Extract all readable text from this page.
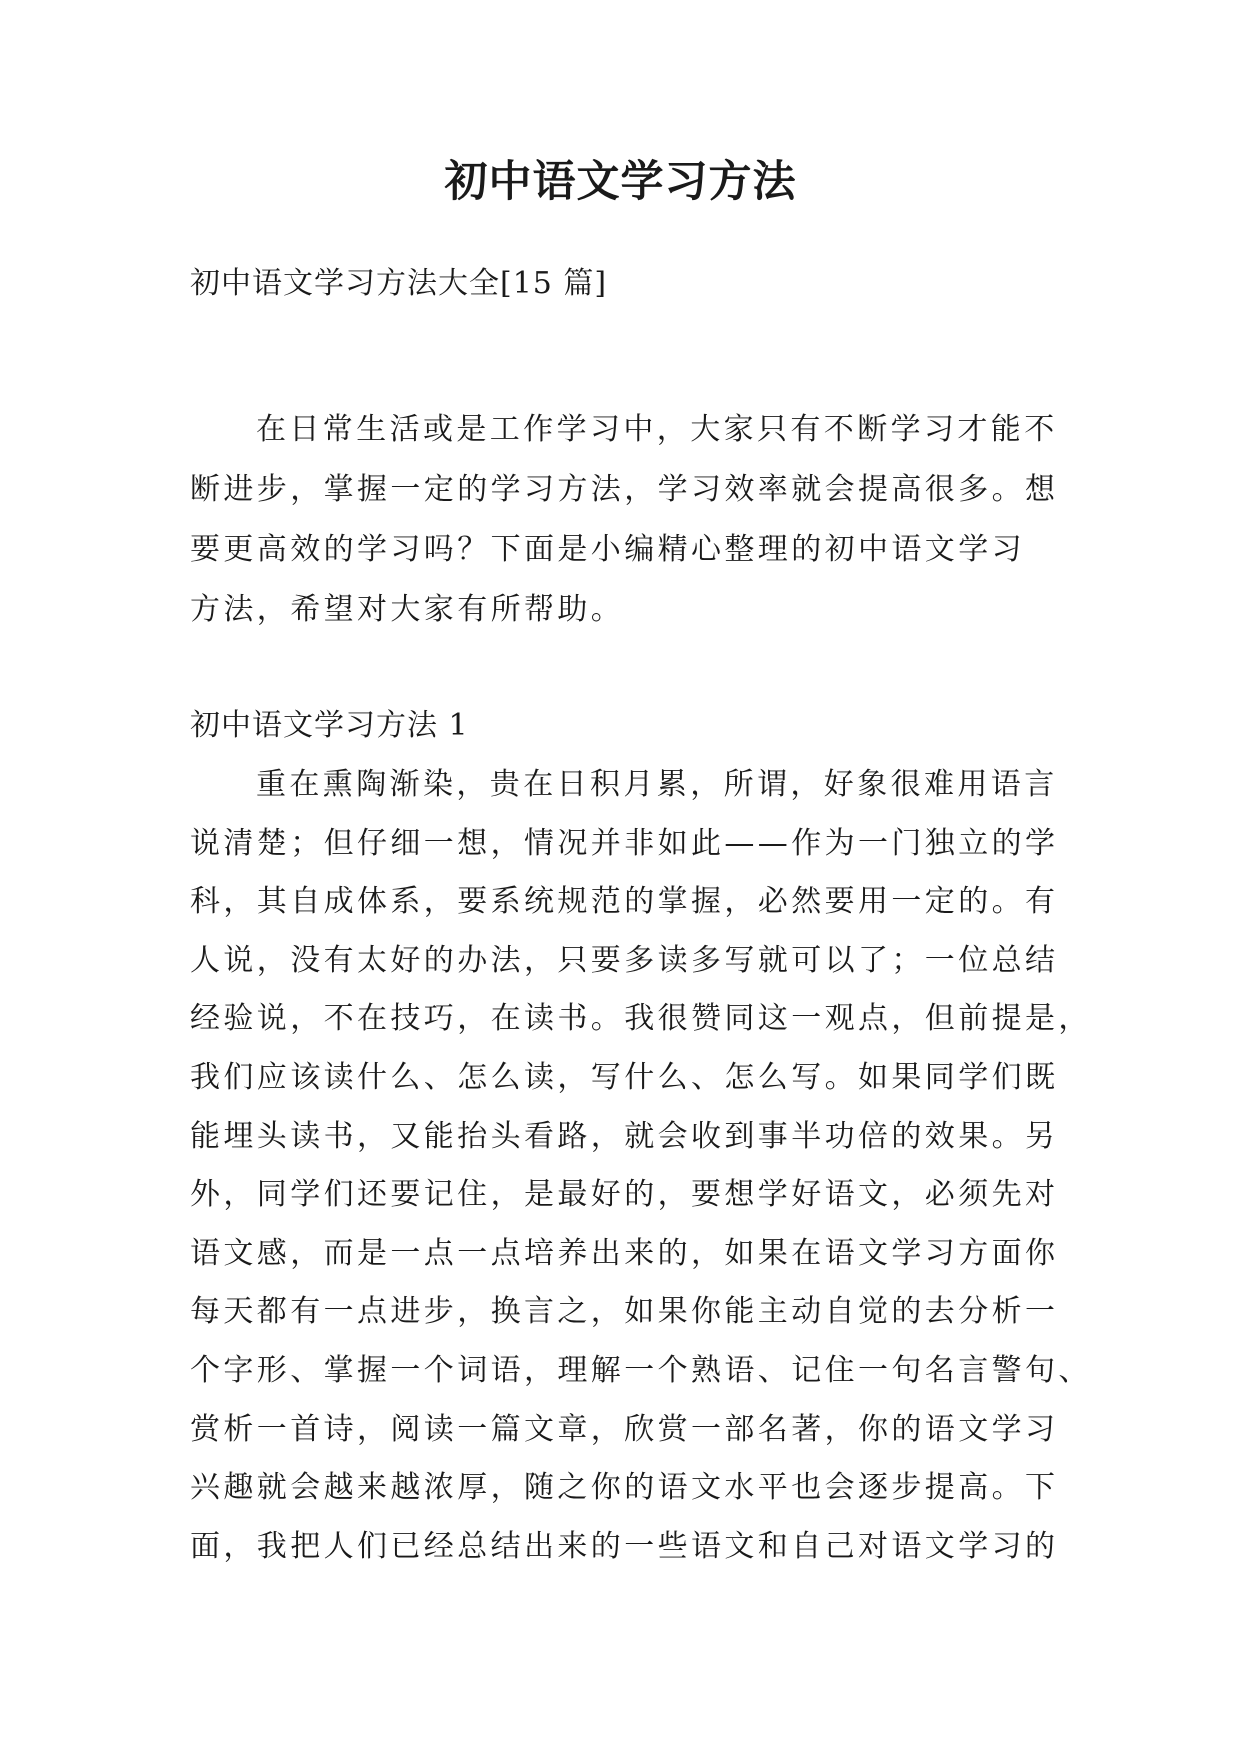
初中语文学习方法
初中语文学习方法大全[15 篇]
在日常生活或是工作学习中，大家只有不断学习才能不
断进步，掌握一定的学习方法，学习效率就会提高很多。想
要更高效的学习吗？下面是小编精心整理的初中语文学习
方法，希望对大家有所帮助。
初中语文学习方法 1
重在熏陶渐染，贵在日积月累，所谓，好象很难用语言
说清楚；但仔细一想，情况并非如此——作为一门独立的学
科，其自成体系，要系统规范的掌握，必然要用一定的。有
人说，没有太好的办法，只要多读多写就可以了；一位总结
经验说，不在技巧，在读书。我很赞同这一观点，但前提是，
我们应该读什么、怎么读，写什么、怎么写。如果同学们既
能埋头读书，又能抬头看路，就会收到事半功倍的效果。另
外，同学们还要记住，是最好的，要想学好语文，必须先对
语文感，而是一点一点培养出来的，如果在语文学习方面你
每天都有一点进步，换言之，如果你能主动自觉的去分析一
个字形、掌握一个词语，理解一个熟语、记住一句名言警句、
赏析一首诗，阅读一篇文章，欣赏一部名著，你的语文学习
兴趣就会越来越浓厚，随之你的语文水平也会逐步提高。下
面，我把人们已经总结出来的一些语文和自己对语文学习的
